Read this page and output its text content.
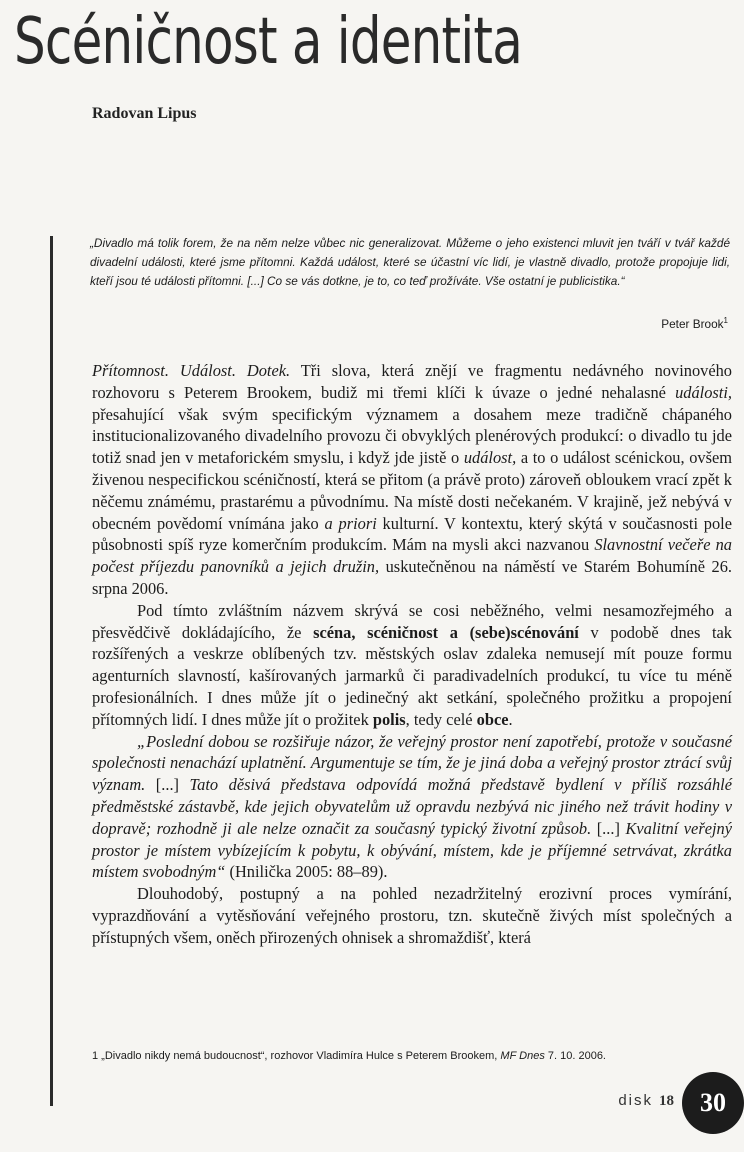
Scéničnost a identita
Radovan Lipus

„Divadlo má tolik forem, že na něm nelze vůbec nic generalizovat. Můžeme o jeho existenci mluvit jen tváří v tvář každé divadelní události, které jsme přítomni. Každá událost, které se účastní víc lidí, je vlastně divadlo, protože propojuje lidi, kteří jsou té události přítomni. [...] Co se vás dotkne, je to, co teď prožíváte. Vše ostatní je publicistika.“

Peter Brook$^1$

Přítomnost. Událost. Dotek. Tři slova, která znějí ve fragmentu nedávného novinového rozhovoru s Peterem Brookem, budiž mi třemi klíči k úvaze o jedné nehalasné události, přesahující však svým specifickým významem a dosahem meze tradičně chápaného institucionalizovaného divadelního provozu či obvyklých plenérových produkcí: o divadlo tu jde totiž snad jen v metaforickém smyslu, i když jde jistě o událost, a to o událost scénickou, ovšem živenou nespecifickou scéničností, která se přitom (a právě proto) zároveň obloukem vrací zpět k něčemu známému, prastarému a původnímu. Na místě dosti nečekaném. V krajině, jež nebývá v obecném povědomí vnímána jako a priori kulturní. V kontextu, který skýtá v současnosti pole působnosti spíš ryze komerčním produkcím. Mám na mysli akci nazvanou Slavnostní večeře na počest příjezdu panovníků a jejich družin, uskutečněnou na náměstí ve Starém Bohumíně 26. srpna 2006.

Pod tímto zvláštním názvem skrývá se cosi neběžného, velmi nesamozřejmého a přesvědčivě dokládajícího, že scéna, scéničnost a (sebe)scénování v podobě dnes tak rozšířených a veskrze oblíbených tzv. městských oslav zdaleka nemusejí mít pouze formu agenturních slavností, kašírovaných jarmarků či paradivadelních produkcí, tu více tu méně profesionálních. I dnes může jít o jedinečný akt setkání, společného prožitku a propojení přítomných lidí. I dnes může jít o prožitek polis, tedy celé obce.

„Poslední dobou se rozšiřuje názor, že veřejný prostor není zapotřebí, protože v současné společnosti nenachází uplatnění. Argumentuje se tím, že je jiná doba a veřejný prostor ztrácí svůj význam. [...] Tato děsivá představa odpovídá možná představě bydlení v příliš rozsáhlé předměstské zástavbě, kde jejich obyvatelům už opravdu nezbývá nic jiného než trávit hodiny v dopravě; rozhodně ji ale nelze označit za současný typický životní způsob. [...] Kvalitní veřejný prostor je místem vybízejícím k pobytu, k obývání, místem, kde je příjemné setrvávat, zkrátka místem svobodným“ (Hnilička 2005: 88–89).

Dlouhodobý, postupný a na pohled nezadržitelný erozivní proces vymírání, vyprazdňování a vytěsňování veřejného prostoru, tzn. skutečně živých míst společných a přístupných všem, oněch přirozených ohnisek a shromaždišť, která

1 „Divadlo nikdy nemá budoucnost“, rozhovor Vladimíra Hulce s Peterem Brookem, MF Dnes 7. 10. 2006.
disk 18	30
